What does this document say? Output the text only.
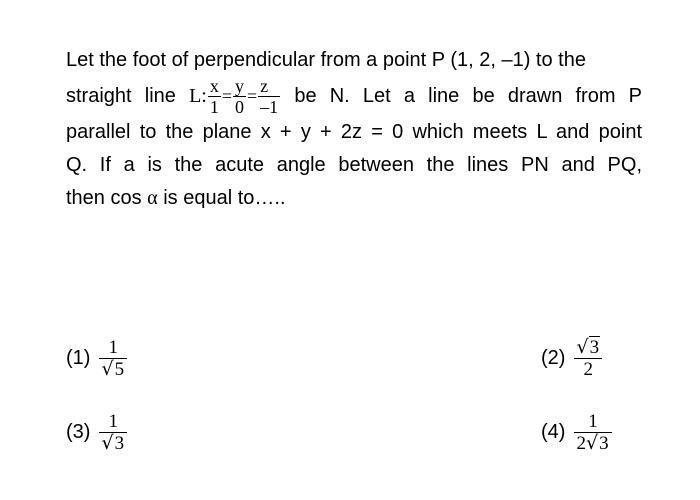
Let the foot of perpendicular from a point P (1, 2, –1) to the
straight line L: $\frac{x}{1} = \frac{y}{0} = \frac{z}{-1}$ be N. Let a line be drawn from P
parallel to the plane x + y + 2z = 0 which meets L and point
Q. If a is the acute angle between the lines PN and PQ,
then cos α is equal to…..
$(1) \frac{1}{√5}$	$(2) \frac{√3}{2}$
$(3) \frac{1}{√3}$	$(4) \frac{1}{2√3}$
